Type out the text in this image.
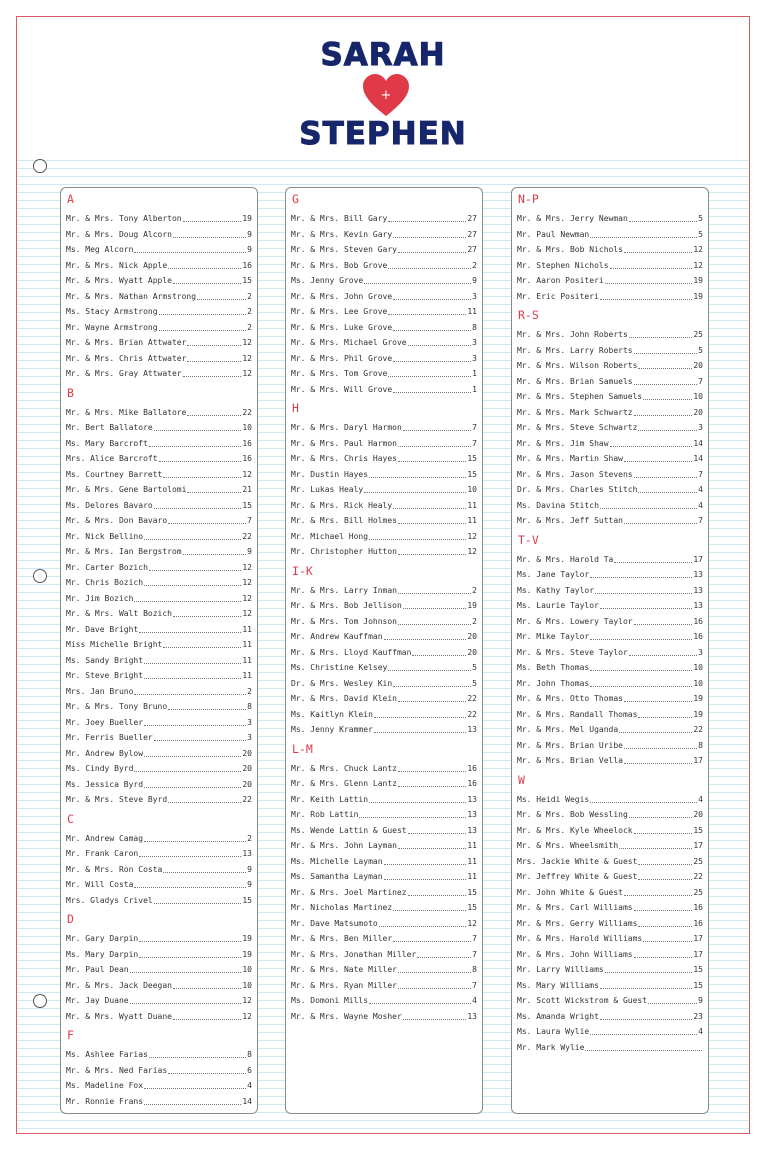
SARAH
+
STEPHEN
A
Mr. & Mrs. Tony Alberton	19
Mr. & Mrs. Doug Alcorn	9
Ms. Meg Alcorn	9
Mr. & Mrs. Nick Apple	16
Mr. & Mrs. Wyatt Apple	15
Mr. & Mrs. Nathan Armstrong	2
Ms. Stacy Armstrong	2
Mr. Wayne Armstrong	2
Mr. & Mrs. Brian Attwater	12
Mr. & Mrs. Chris Attwater	12
Mr. & Mrs. Gray Attwater	12
B
Mr. & Mrs. Mike Ballatore	22
Mr. Bert Ballatore	10
Ms. Mary Barcroft	16
Mrs. Alice Barcroft	16
Ms. Courtney Barrett	12
Mr. & Mrs. Gene Bartolomi	21
Ms. Delores Bavaro	15
Mr. & Mrs. Don Bavaro	7
Mr. Nick Bellino	22
Mr. & Mrs. Ian Bergstrom	9
Mr. Carter Bozich	12
Mr. Chris Bozich	12
Mr. Jim Bozich	12
Mr. & Mrs. Walt Bozich	12
Mr. Dave Bright	11
Miss Michelle Bright	11
Ms. Sandy Bright	11
Mr. Steve Bright	11
Mrs. Jan Bruno	2
Mr. & Mrs. Tony Bruno	8
Mr. Joey Bueller	3
Mr. Ferris Bueller	3
Mr. Andrew Bylow	20
Ms. Cindy Byrd	20
Ms. Jessica Byrd	20
Mr. & Mrs. Steve Byrd	22
C
Mr. Andrew Camag	2
Mr. Frank Caron	13
Mr. & Mrs. Ron Costa	9
Mr. Will Costa	9
Mrs. Gladys Crivel	15
D
Mr. Gary Darpin	19
Ms. Mary Darpin	19
Mr. Paul Dean	10
Mr. & Mrs. Jack Deegan	10
Mr. Jay Duane	12
Mr. & Mrs. Wyatt Duane	12
F
Ms. Ashlee Farias	8
Mr. & Mrs. Ned Farias	6
Ms. Madeline Fox	4
Mr. Ronnie Frans	14
G
Mr. & Mrs. Bill Gary	27
Mr. & Mrs. Kevin Gary	27
Mr. & Mrs. Steven Gary	27
Mr. & Mrs. Bob Grove	2
Ms. Jenny Grove	9
Mr. & Mrs. John Grove	3
Mr. & Mrs. Lee Grove	11
Mr. & Mrs. Luke Grove	8
Mr. & Mrs. Michael Grove	3
Mr. & Mrs. Phil Grove	3
Mr. & Mrs. Tom Grove	1
Mr. & Mrs. Will Grove	1
H
Mr. & Mrs. Daryl Harmon	7
Mr. & Mrs. Paul Harmon	7
Mr. & Mrs. Chris Hayes	15
Mr. Dustin Hayes	15
Mr. Lukas Healy	10
Mr. & Mrs. Rick Healy	11
Mr. & Mrs. Bill Holmes	11
Mr. Michael Hong	12
Mr. Christopher Hutton	12
I-K
Mr. & Mrs. Larry Inman	2
Mr. & Mrs. Bob Jellison	19
Mr. & Mrs. Tom Johnson	2
Mr. Andrew Kauffman	20
Mr. & Mrs. Lloyd Kauffman	20
Ms. Christine Kelsey	5
Dr. & Mrs. Wesley Kin	5
Mr. & Mrs. David Klein	22
Ms. Kaitlyn Klein	22
Ms. Jenny Krammer	13
L-M
Mr. & Mrs. Chuck Lantz	16
Mr. & Mrs. Glenn Lantz	16
Mr. Keith Lattin	13
Mr. Rob Lattin	13
Ms. Wende Lattin & Guest	13
Mr. & Mrs. John Layman	11
Ms. Michelle Layman	11
Ms. Samantha Layman	11
Mr. & Mrs. Joel Martinez	15
Mr. Nicholas Martinez	15
Mr. Dave Matsumoto	12
Mr. & Mrs. Ben Miller	7
Mr. & Mrs. Jonathan Miller	7
Mr. & Mrs. Nate Miller	8
Mr. & Mrs. Ryan Miller	7
Ms. Domoni Mills	4
Mr. & Mrs. Wayne Mosher	13
N-P
Mr. & Mrs. Jerry Newman	5
Mr. Paul Newman	5
Mr. & Mrs. Bob Nichols	12
Mr. Stephen Nichols	12
Mr. Aaron Positeri	19
Mr. Eric Positeri	19
R-S
Mr. & Mrs. John Roberts	25
Mr. & Mrs. Larry Roberts	5
Mr. & Mrs. Wilson Roberts	20
Mr. & Mrs. Brian Samuels	7
Mr. & Mrs. Stephen Samuels	10
Mr. & Mrs. Mark Schwartz	20
Mr. & Mrs. Steve Schwartz	3
Mr. & Mrs. Jim Shaw	14
Mr. & Mrs. Martin Shaw	14
Mr. & Mrs. Jason Stevens	7
Dr. & Mrs. Charles Stitch	4
Ms. Davina Stitch	4
Mr. & Mrs. Jeff Suttan	7
T-V
Mr. & Mrs. Harold Ta	17
Ms. Jane Taylor	13
Ms. Kathy Taylor	13
Ms. Laurie Taylor	13
Mr. & Mrs. Lowery Taylor	16
Mr. Mike Taylor	16
Mr. & Mrs. Steve Taylor	3
Ms. Beth Thomas	10
Mr. John Thomas	10
Mr. & Mrs. Otto Thomas	19
Mr. & Mrs. Randall Thomas	19
Mr. & Mrs. Mel Uganda	22
Mr. & Mrs. Brian Uribe	8
Mr. & Mrs. Brian Vella	17
W
Ms. Heidi Wegis	4
Mr. & Mrs. Bob Wessling	20
Mr. & Mrs. Kyle Wheelock	15
Mr. & Mrs. Wheelsmith	17
Mrs. Jackie White & Guest	25
Mr. Jeffrey White & Guest	22
Mr. John White & Guest	25
Mr. & Mrs. Carl Williams	16
Mr. & Mrs. Gerry Williams	16
Mr. & Mrs. Harold Williams	17
Mr. & Mrs. John Williams	17
Mr. Larry Williams	15
Ms. Mary Williams	15
Mr. Scott Wickstrom & Guest	9
Ms. Amanda Wright	23
Ms. Laura Wylie	4
Mr. Mark Wylie
